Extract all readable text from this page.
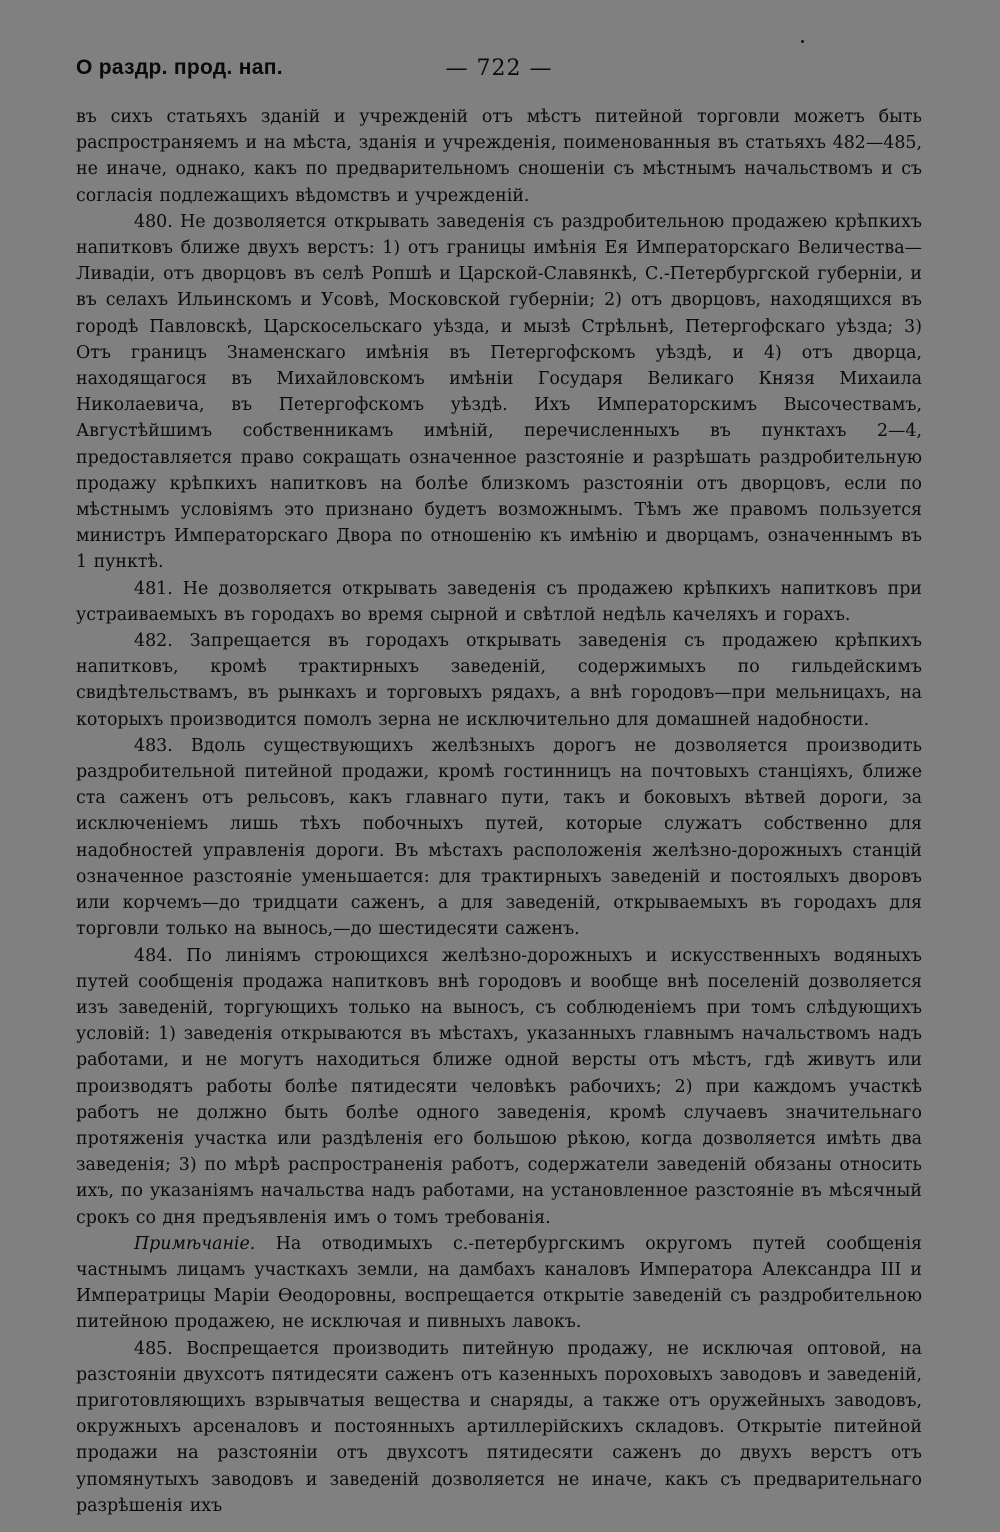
О раздр. прод. нап.	— 722 —

въ сихъ статьяхъ зданій и учрежденій отъ мѣстъ питейной торговли можетъ быть распространяемъ и на мѣста, зданія и учрежденія, поименованныя въ статьяхъ 482—485, не иначе, однако, какъ по предварительномъ сношеніи съ мѣстнымъ начальствомъ и съ согласія подлежащихъ вѣдомствъ и учрежденій.

480. Не дозволяется открывать заведенія съ раздробительною продажею крѣпкихъ напитковъ ближе двухъ верстъ: 1) отъ границы имѣнія Ея Императорскаго Величества—Ливадіи, отъ дворцовъ въ селѣ Ропшѣ и Царской-Славянкѣ, С.-Петербургской губерніи, и въ селахъ Ильинскомъ и Усовѣ, Московской губерніи; 2) отъ дворцовъ, находящихся въ городѣ Павловскѣ, Царскосельскаго уѣзда, и мызѣ Стрѣльнѣ, Петергофскаго уѣзда; 3) Отъ границъ Знаменскаго имѣнія въ Петергофскомъ уѣздѣ, и 4) отъ дворца, находящагося въ Михайловскомъ имѣніи Государя Великаго Князя Михаила Николаевича, въ Петергофскомъ уѣздѣ. Ихъ Императорскимъ Высочествамъ, Августѣйшимъ собственникамъ имѣній, перечисленныхъ въ пунктахъ 2—4, предоставляется право сокращать означенное разстояніе и разрѣшать раздробительную продажу крѣпкихъ напитковъ на болѣе близкомъ разстояніи отъ дворцовъ, если по мѣстнымъ условіямъ это признано будетъ возможнымъ. Тѣмъ же правомъ пользуется министръ Императорскаго Двора по отношенію къ имѣнію и дворцамъ, означеннымъ въ 1 пунктѣ.

481. Не дозволяется открывать заведенія съ продажею крѣпкихъ напитковъ при устраиваемыхъ въ городахъ во время сырной и свѣтлой недѣль качеляхъ и горахъ.

482. Запрещается въ городахъ открывать заведенія съ продажею крѣпкихъ напитковъ, кромѣ трактирныхъ заведеній, содержимыхъ по гильдейскимъ свидѣтельствамъ, въ рынкахъ и торговыхъ рядахъ, а внѣ городовъ—при мельницахъ, на которыхъ производится помолъ зерна не исключительно для домашней надобности.

483. Вдоль существующихъ желѣзныхъ дорогъ не дозволяется производить раздробительной питейной продажи, кромѣ гостинницъ на почтовыхъ станціяхъ, ближе ста саженъ отъ рельсовъ, какъ главнаго пути, такъ и боковыхъ вѣтвей дороги, за исключеніемъ лишь тѣхъ побочныхъ путей, которые служатъ собственно для надобностей управленія дороги. Въ мѣстахъ расположенія желѣзно-дорожныхъ станцій означенное разстояніе уменьшается: для трактирныхъ заведеній и постоялыхъ дворовъ или корчемъ—до тридцати саженъ, а для заведеній, открываемыхъ въ городахъ для торговли только на вынось,—до шестидесяти саженъ.

484. По линіямъ строющихся желѣзно-дорожныхъ и искусственныхъ водяныхъ путей сообщенія продажа напитковъ внѣ городовъ и вообще внѣ поселеній дозволяется изъ заведеній, торгующихъ только на выносъ, съ соблюденіемъ при томъ слѣдующихъ условій: 1) заведенія открываются въ мѣстахъ, указанныхъ главнымъ начальствомъ надъ работами, и не могутъ находиться ближе одной версты отъ мѣстъ, гдѣ живутъ или производятъ работы болѣе пятидесяти человѣкъ рабочихъ; 2) при каждомъ участкѣ работъ не должно быть болѣе одного заведенія, кромѣ случаевъ значительнаго протяженія участка или раздѣленія его большою рѣкою, когда дозволяется имѣть два заведенія; 3) по мѣрѣ распространенія работъ, содержатели заведеній обязаны относить ихъ, по указаніямъ начальства надъ работами, на установленное разстояніе въ мѣсячный срокъ со дня предъявленія имъ о томъ требованія.

Примѣчаніе. На отводимыхъ с.-петербургскимъ округомъ путей сообщенія частнымъ лицамъ участкахъ земли, на дамбахъ каналовъ Императора Александра III и Императрицы Маріи Ѳеодоровны, воспрещается открытіе заведеній съ раздробительною питейною продажею, не исключая и пивныхъ лавокъ.

485. Воспрещается производить питейную продажу, не исключая оптовой, на разстояніи двухсотъ пятидесяти саженъ отъ казенныхъ пороховыхъ заводовъ и заведеній, приготовляющихъ взрывчатыя вещества и снаряды, а также отъ оружейныхъ заводовъ, окружныхъ арсеналовъ и постоянныхъ артиллерійскихъ складовъ. Открытіе питейной продажи на разстояніи отъ двухсотъ пятидесяти саженъ до двухъ верстъ отъ упомянутыхъ заводовъ и заведеній дозволяется не иначе, какъ съ предварительнаго разрѣшенія ихъ
